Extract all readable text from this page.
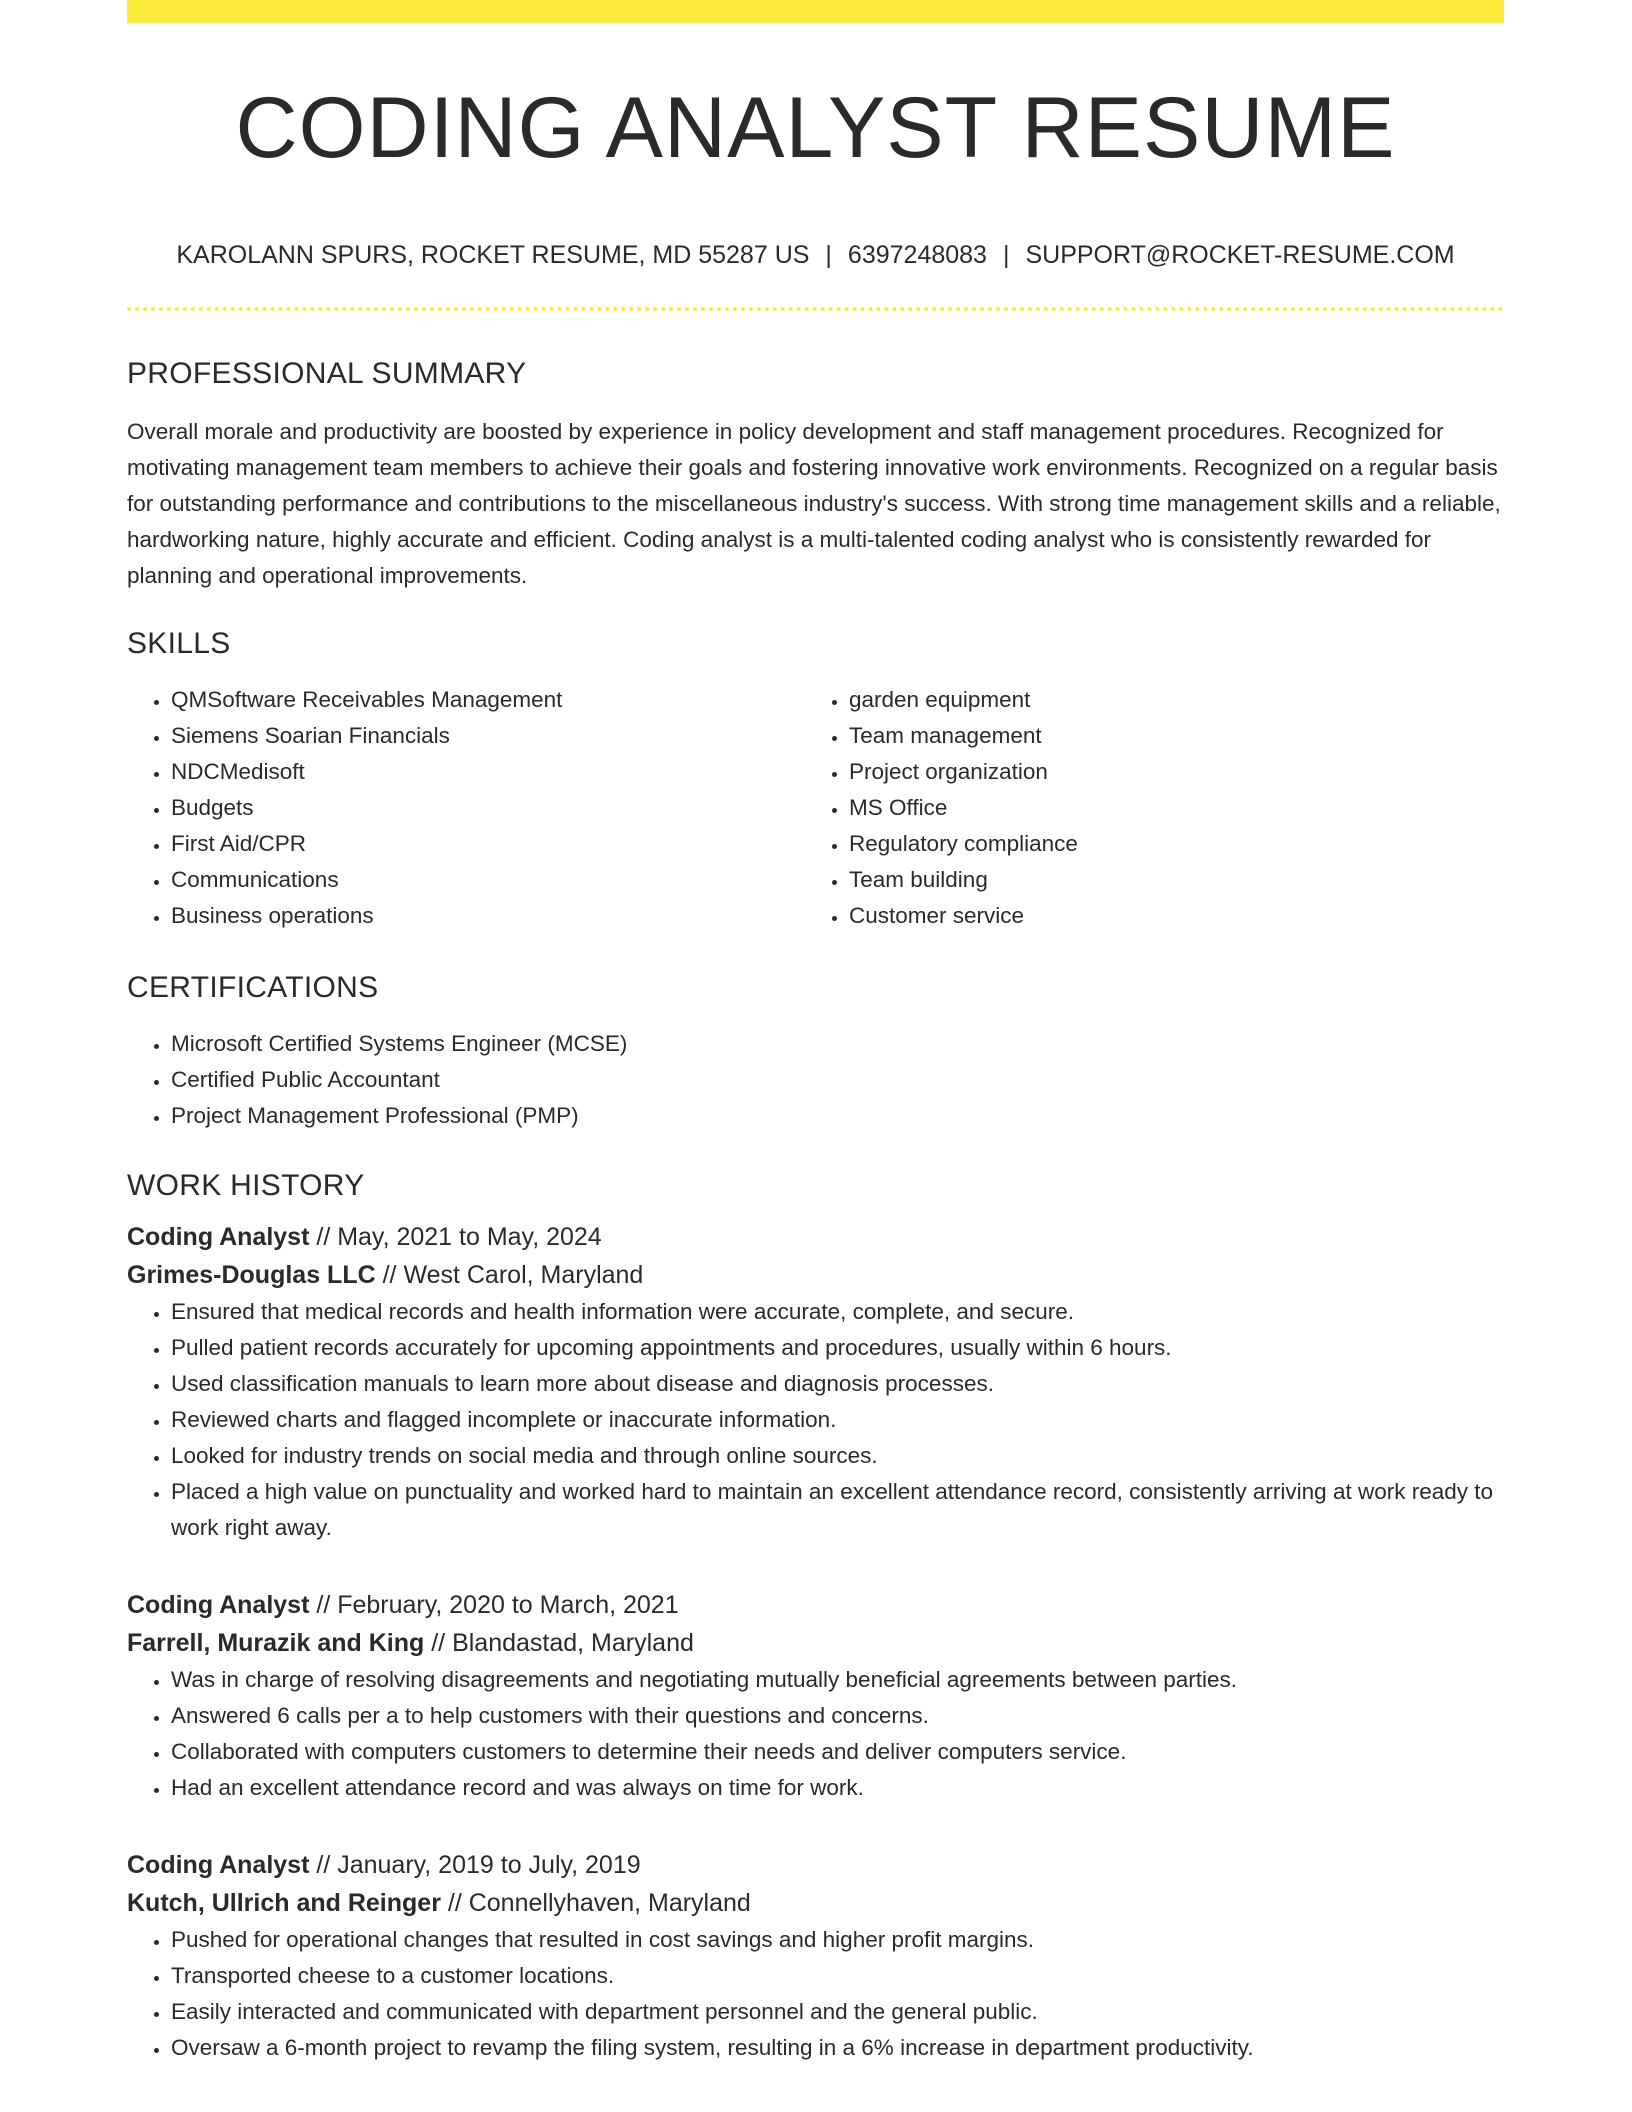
CODING ANALYST RESUME
KAROLANN SPURS, ROCKET RESUME, MD 55287 US | 6397248083 | SUPPORT@ROCKET-RESUME.COM
PROFESSIONAL SUMMARY

Overall morale and productivity are boosted by experience in policy development and staff management procedures. Recognized for motivating management team members to achieve their goals and fostering innovative work environments. Recognized on a regular basis for outstanding performance and contributions to the miscellaneous industry's success. With strong time management skills and a reliable, hardworking nature, highly accurate and efficient. Coding analyst is a multi-talented coding analyst who is consistently rewarded for planning and operational improvements.

SKILLS
• QMSoftware Receivables Management
• Siemens Soarian Financials
• NDCMedisoft
• Budgets
• First Aid/CPR
• Communications
• Business operations
• garden equipment
• Team management
• Project organization
• MS Office
• Regulatory compliance
• Team building
• Customer service
CERTIFICATIONS
• Microsoft Certified Systems Engineer (MCSE)
• Certified Public Accountant
• Project Management Professional (PMP)
WORK HISTORY
Coding Analyst // May, 2021 to May, 2024
Grimes-Douglas LLC // West Carol, Maryland
• Ensured that medical records and health information were accurate, complete, and secure.
• Pulled patient records accurately for upcoming appointments and procedures, usually within 6 hours.
• Used classification manuals to learn more about disease and diagnosis processes.
• Reviewed charts and flagged incomplete or inaccurate information.
• Looked for industry trends on social media and through online sources.
• Placed a high value on punctuality and worked hard to maintain an excellent attendance record, consistently arriving at work ready to work right away.
Coding Analyst // February, 2020 to March, 2021
Farrell, Murazik and King // Blandastad, Maryland
• Was in charge of resolving disagreements and negotiating mutually beneficial agreements between parties.
• Answered 6 calls per a to help customers with their questions and concerns.
• Collaborated with computers customers to determine their needs and deliver computers service.
• Had an excellent attendance record and was always on time for work.
Coding Analyst // January, 2019 to July, 2019
Kutch, Ullrich and Reinger // Connellyhaven, Maryland
• Pushed for operational changes that resulted in cost savings and higher profit margins.
• Transported cheese to a customer locations.
• Easily interacted and communicated with department personnel and the general public.
• Oversaw a 6-month project to revamp the filing system, resulting in a 6% increase in department productivity.
